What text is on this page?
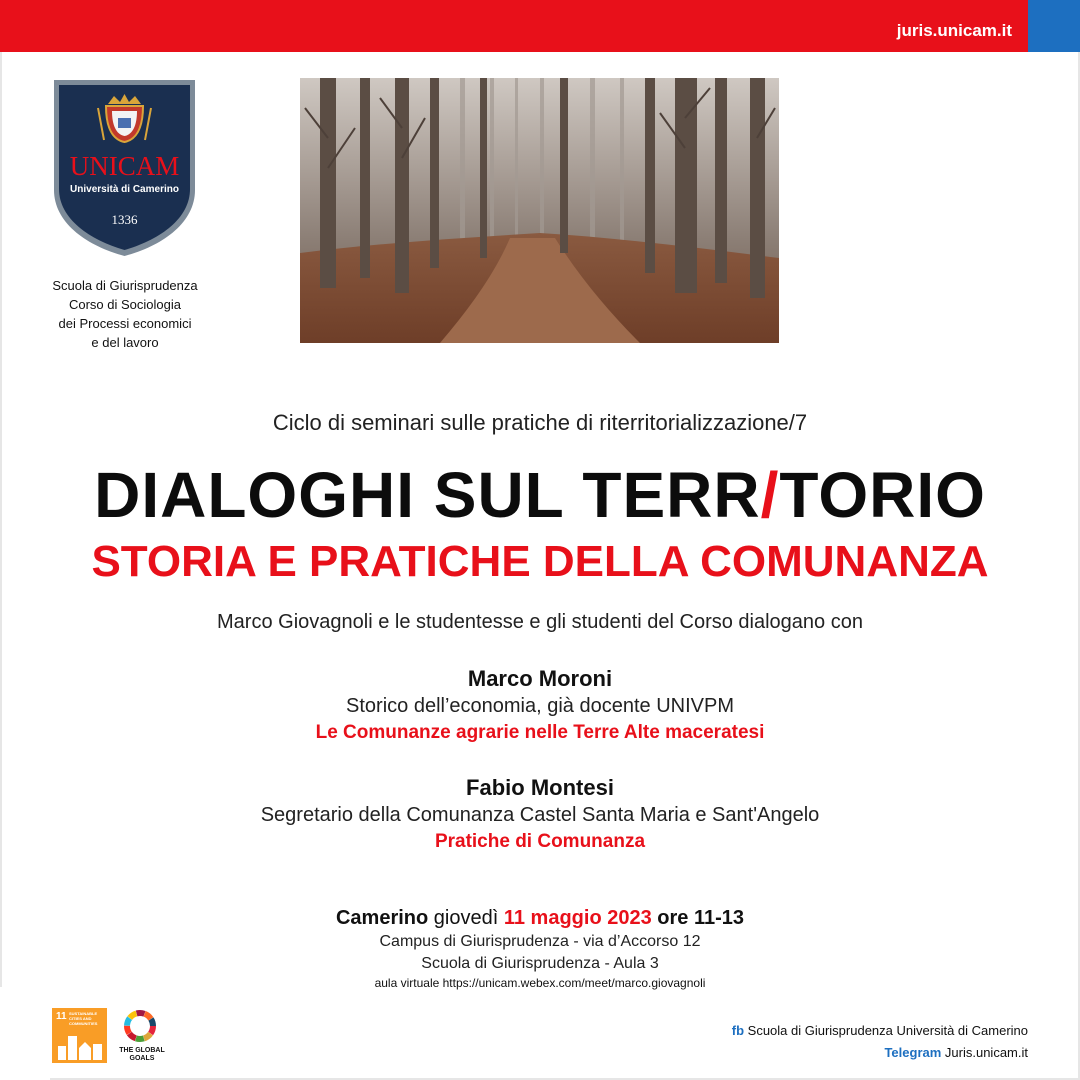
juris.unicam.it
UNICAM
Università di Camerino
1336
Scuola di Giurisprudenza
Corso di Sociologia
dei Processi economici
e del lavoro
Ciclo di seminari sulle pratiche di riterritorializzazione/7
DIALOGHI SUL TERR/TORIO
STORIA E PRATICHE DELLA COMUNANZA
Marco Giovagnoli e le studentesse e gli studenti del Corso dialogano con
Marco Moroni
Storico dell’economia, già docente UNIVPM
Le Comunanze agrarie nelle Terre Alte maceratesi
Fabio Montesi
Segretario della Comunanza Castel Santa Maria e Sant'Angelo
Pratiche di Comunanza
Camerino giovedì 11 maggio 2023 ore 11-13
Campus di Giurisprudenza - via d’Accorso 12
Scuola di Giurisprudenza - Aula 3
aula virtuale https://unicam.webex.com/meet/marco.giovagnoli
11 SUSTAINABLE CITIES AND COMMUNITIES
THE GLOBAL GOALS
fb Scuola di Giurisprudenza Università di Camerino
Telegram Juris.unicam.it
